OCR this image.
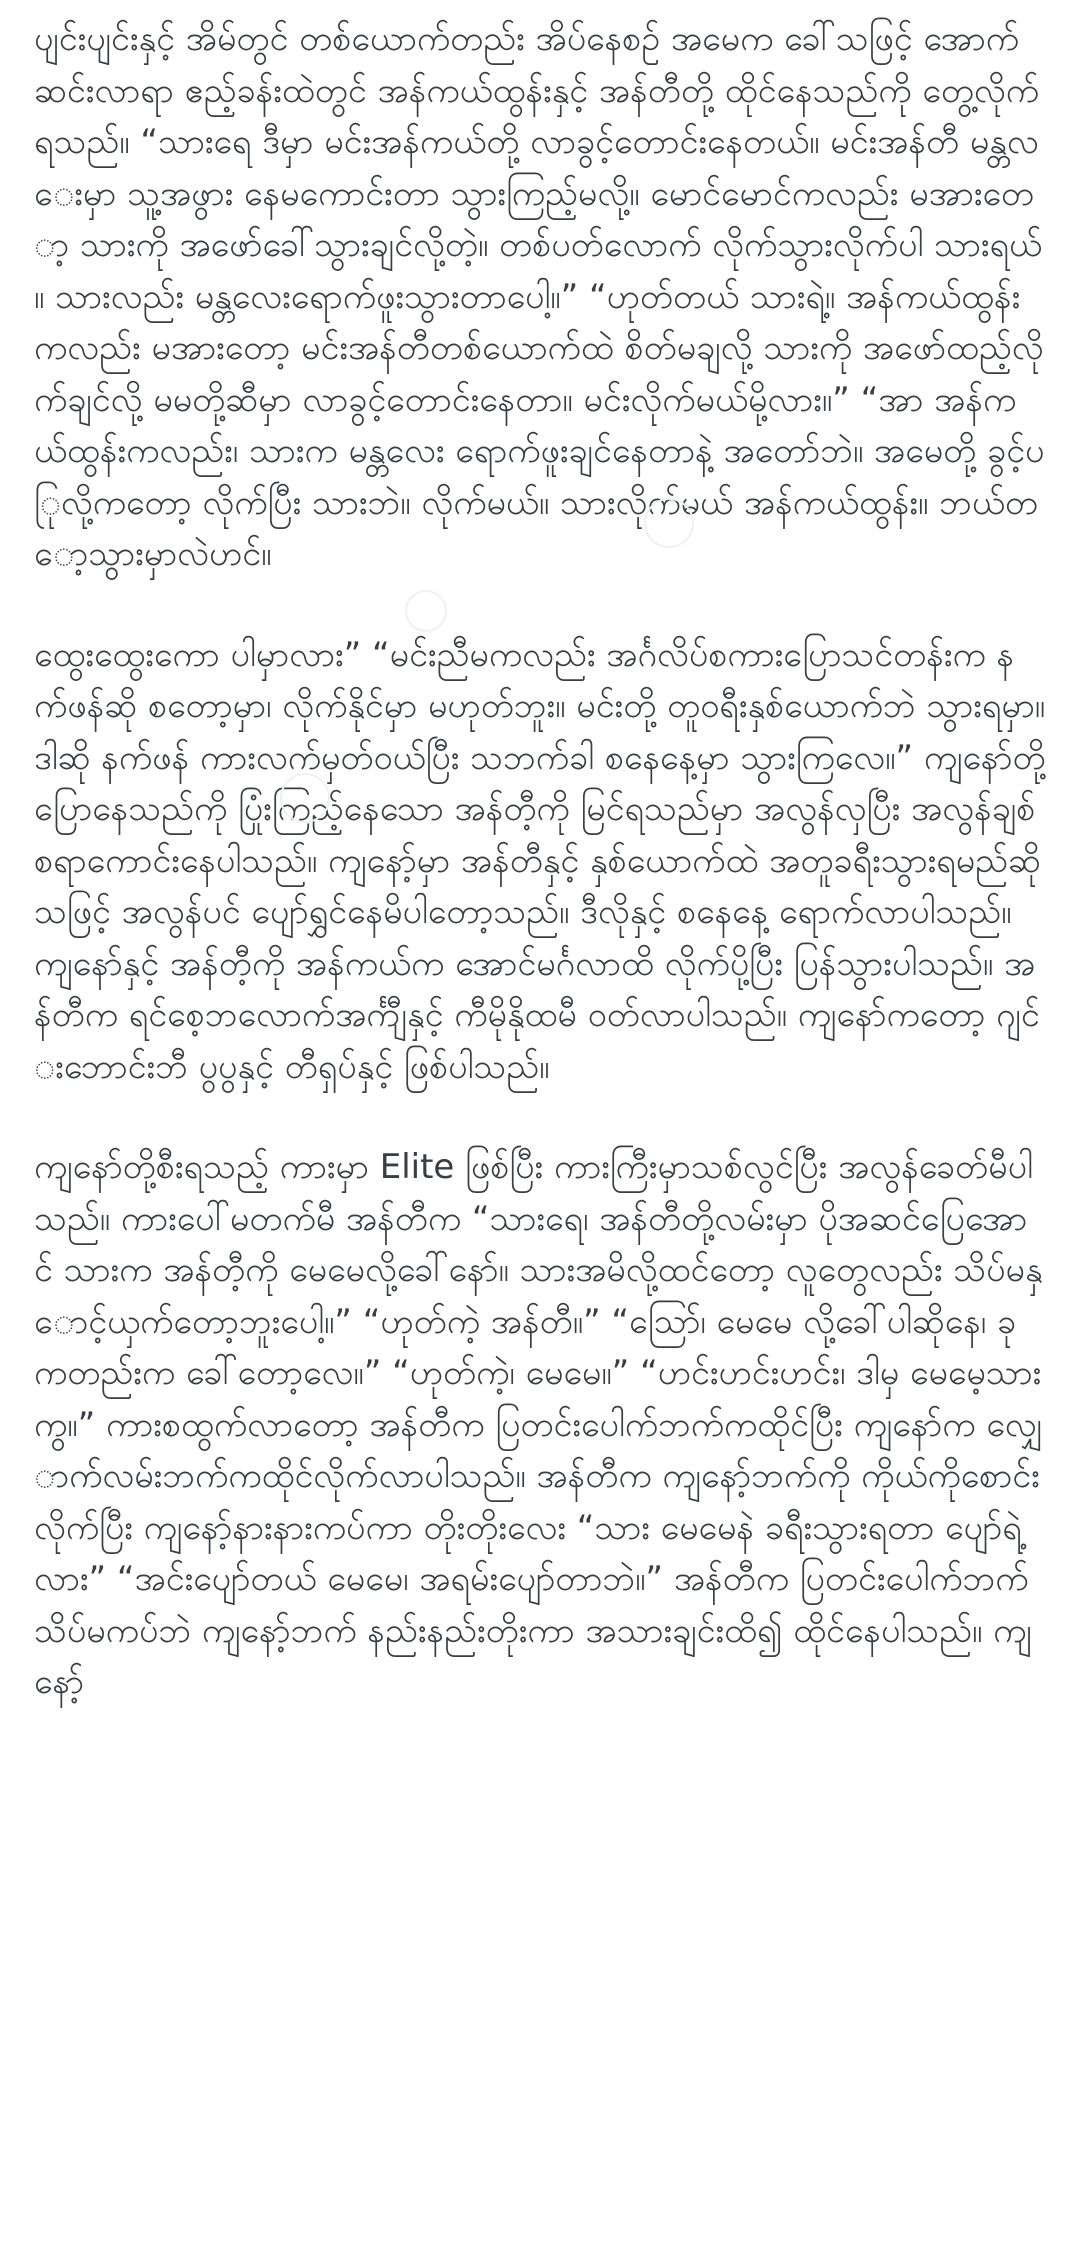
ပျင်းပျင်းနှင့် အိမ်တွင် တစ်ယောက်တည်း အိပ်နေစဉ် အမေက ခေါ်သဖြင့် အောက်ဆင်းလာရာ ဧည့်ခန်းထဲတွင် အန်ကယ်ထွန်းနှင့် အန်တီတို့ ထိုင်နေသည်ကို တွေ့လိုက်ရသည်။ “သားရေ ဒီမှာ မင်းအန်ကယ်တို့ လာခွင့်တောင်းနေတယ်။ မင်းအန်တီ မန္တလေးမှာ သူ့အဖွား နေမကောင်းတာ သွားကြည့်မလို့။ မောင်မောင်ကလည်း မအားတော့ သားကို အဖော်ခေါ်သွားချင်လို့တဲ့။ တစ်ပတ်လောက် လိုက်သွားလိုက်ပါ သားရယ်။ သားလည်း မန္တလေးရောက်ဖူးသွားတာပေါ့။” “ဟုတ်တယ် သားရဲ့။ အန်ကယ်ထွန်းကလည်း မအားတော့ မင်းအန်တီတစ်ယောက်ထဲ စိတ်မချလို့ သားကို အဖော်ထည့်လိုက်ချင်လို့ မမတို့ဆီမှာ လာခွင့်တောင်းနေတာ။ မင်းလိုက်မယ်မို့လား။” “အာ အန်ကယ်ထွန်းကလည်း၊ သားက မန္တလေး ရောက်ဖူးချင်နေတာနဲ့ အတော်ဘဲ။ အမေတို့ ခွင့်ပြုလို့ကတော့ လိုက်ပြီး သားဘဲ။ လိုက်မယ်။ သားလိုက်မယ် အန်ကယ်ထွန်း။ ဘယ်တော့သွားမှာလဲဟင်။

ထွေးထွေးကော ပါမှာလား” “မင်းညီမကလည်း အင်္ဂလိပ်စကားပြောသင်တန်းက နက်ဖန်ဆို စတော့မှာ၊ လိုက်နိုင်မှာ မဟုတ်ဘူး။ မင်းတို့ တူဝရီးနှစ်ယောက်ဘဲ သွားရမှာ။ ဒါဆို နက်ဖန် ကားလက်မှတ်ဝယ်ပြီး သဘက်ခါ စနေနေ့မှာ သွားကြလေ။” ကျနော်တို့ ပြောနေသည်ကို ပြုံးကြည့်နေသော အန်တီ့ကို မြင်ရသည်မှာ အလွန်လှပြီး အလွန်ချစ်စရာကောင်းနေပါသည်။ ကျနော့်မှာ အန်တီနှင့် နှစ်ယောက်ထဲ အတူခရီးသွားရမည်ဆိုသဖြင့် အလွန်ပင် ပျော်ရွှင်နေမိပါတော့သည်။ ဒီလိုနှင့် စနေနေ့ ရောက်လာပါသည်။ ကျနော်နှင့် အန်တီ့ကို အန်ကယ်က အောင်မင်္ဂလာထိ လိုက်ပို့ပြီး ပြန်သွားပါသည်။ အန်တီက ရင်စေ့ဘလောက်အင်္ကျီနှင့် ကီမိုနိုထမီ ဝတ်လာပါသည်။ ကျနော်ကတော့ ဂျင်းဘောင်းဘီ ပွပွနှင့် တီရှပ်နှင့် ဖြစ်ပါသည်။

ကျနော်တို့စီးရသည့် ကားမှာ Elite ဖြစ်ပြီး ကားကြီးမှာသစ်လွင်ပြီး အလွန်ခေတ်မီပါသည်။ ကားပေါ်မတက်မီ အန်တီက “သားရေ၊ အန်တီတို့လမ်းမှာ ပိုအဆင်ပြေအောင် သားက အန်တီ့ကို မေမေလို့ခေါ်နော်။ သားအမိလို့ထင်တော့ လူတွေလည်း သိပ်မနှောင့်ယှက်တော့ဘူးပေါ့။” “ဟုတ်ကဲ့ အန်တီ။” “ဪ၊ မေမေ လို့ခေါ်ပါဆိုနေ၊ ခုကတည်းက ခေါ်တော့လေ။” “ဟုတ်ကဲ့၊ မေမေ။” “ဟင်းဟင်းဟင်း၊ ဒါမှ မေမေ့သားကွ။” ကားစထွက်လာတော့ အန်တီက ပြတင်းပေါက်ဘက်ကထိုင်ပြီး ကျနော်က လျှောက်လမ်းဘက်ကထိုင်လိုက်လာပါသည်။ အန်တီက ကျနော့်ဘက်ကို ကိုယ်ကိုစောင်းလိုက်ပြီး ကျနော့်နားနားကပ်ကာ တိုးတိုးလေး “သား မေမေနဲ ခရီးသွားရတာ ပျော်ရဲ့လား” “အင်းပျော်တယ် မေမေ၊ အရမ်းပျော်တာဘဲ။” အန်တီက ပြတင်းပေါက်ဘက် သိပ်မကပ်ဘဲ ကျနော့်ဘက် နည်းနည်းတိုးကာ အသားချင်းထိ၍ ထိုင်နေပါသည်။ ကျနော့်
